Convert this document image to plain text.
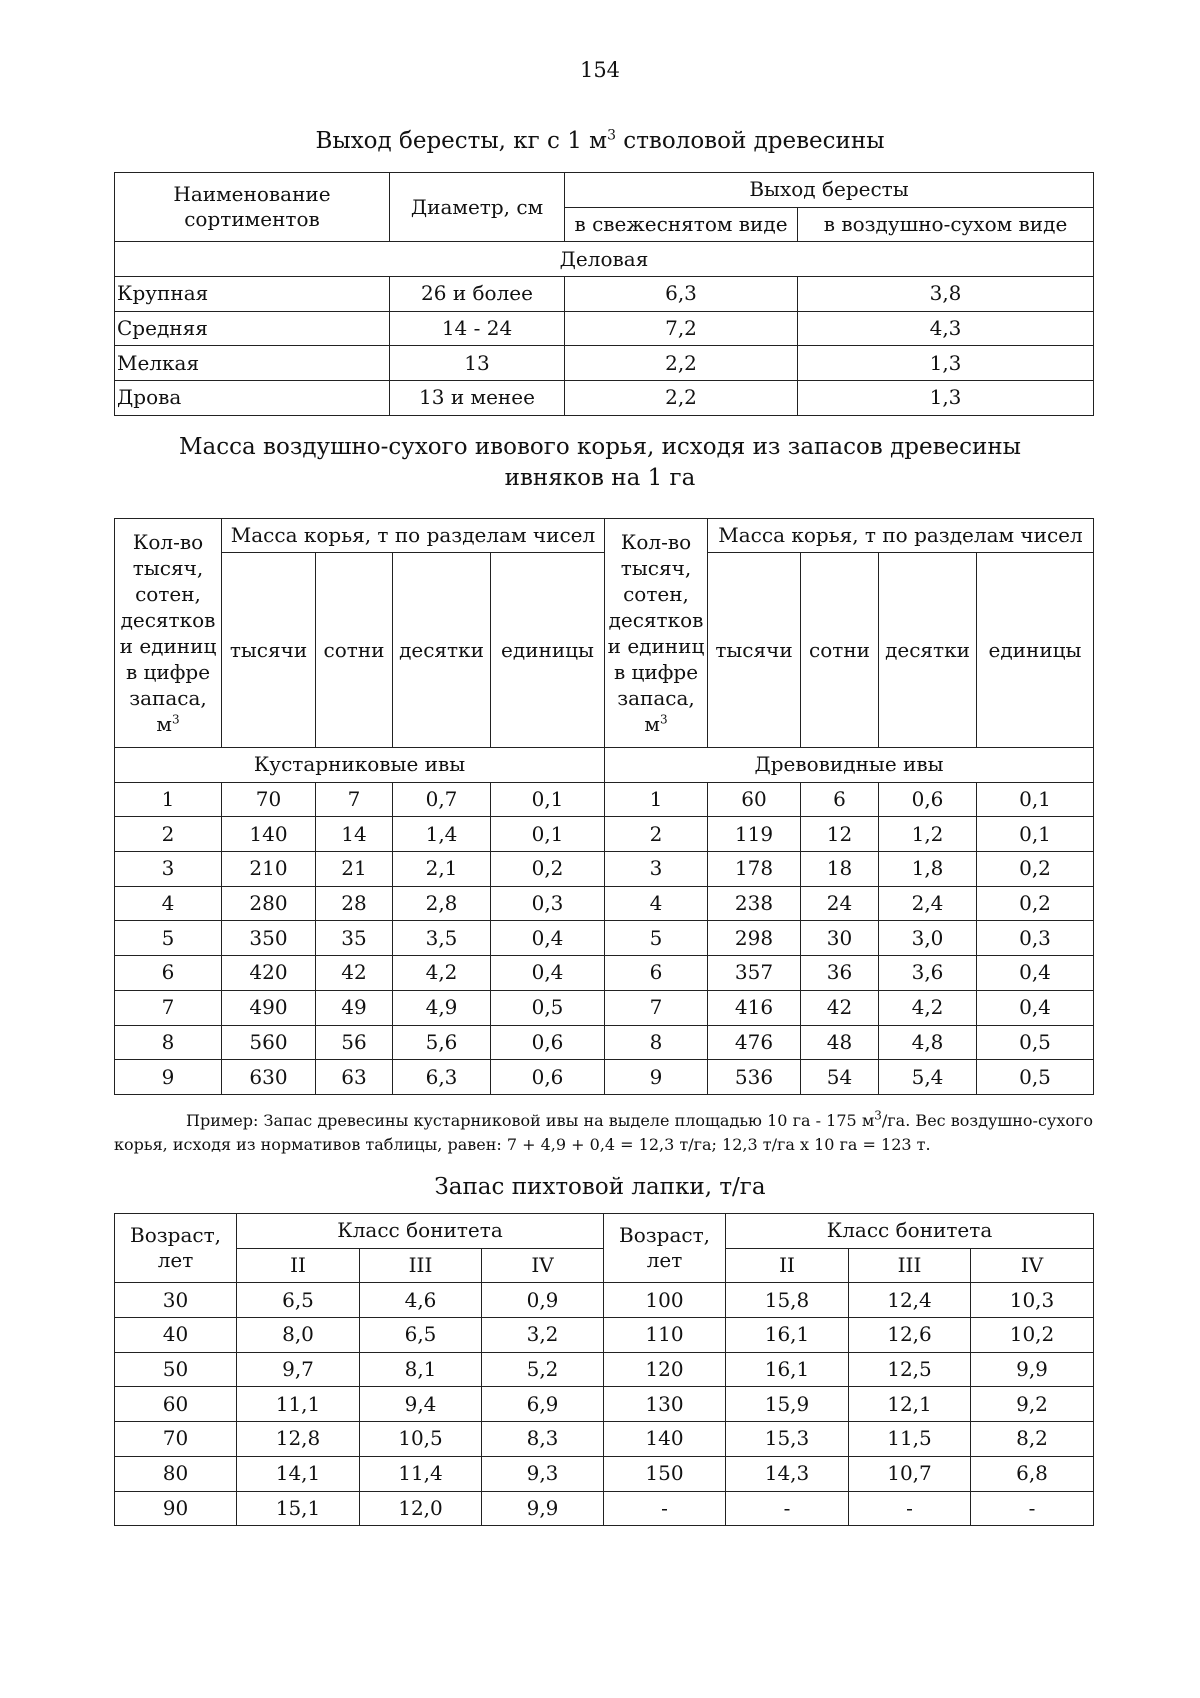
154
Выход бересты, кг с 1 $м^3$ стволовой древесины
Наименование сортиментов	Диаметр, см	Выход бересты	
		в свежеснятом виде	в воздушно-сухом виде
Деловая			
Крупная	26 и более	6,3	3,8
Средняя	14 - 24	7,2	4,3
Мелкая	13	2,2	1,3
Дрова	13 и менее	2,2	1,3
Масса воздушно-сухого ивового корья, исходя из запасов древесины
ивняков на 1 га
Кол-во тысяч, сотен, десятков и единиц в цифре запаса, $м^3$	Масса корья, т по разделам чисел				Кол-во тысяч, сотен, десятков и единиц в цифре запаса, $м^3$	Масса корья, т по разделам чисел			
	тысячи	сотни	десятки	единицы		тысячи	сотни	десятки	единицы
Кустарниковые ивы					Древовидные ивы				
1	70	7	0,7	0,1	1	60	6	0,6	0,1
2	140	14	1,4	0,1	2	119	12	1,2	0,1
3	210	21	2,1	0,2	3	178	18	1,8	0,2
4	280	28	2,8	0,3	4	238	24	2,4	0,2
5	350	35	3,5	0,4	5	298	30	3,0	0,3
6	420	42	4,2	0,4	6	357	36	3,6	0,4
7	490	49	4,9	0,5	7	416	42	4,2	0,4
8	560	56	5,6	0,6	8	476	48	4,8	0,5
9	630	63	6,3	0,6	9	536	54	5,4	0,5
Пример: Запас древесины кустарниковой ивы на выделе площадью 10 га - 175 $м^3/га$. Вес воздушно-сухого корья, исходя из нормативов таблицы, равен: 7 + 4,9 + 0,4 = 12,3 т/га; 12,3 т/га х 10 га = 123 т.
Запас пихтовой лапки, т/га
Возраст, лет	Класс бонитета			Возраст, лет	Класс бонитета		
	II	III	IV		II	III	IV
30	6,5	4,6	0,9	100	15,8	12,4	10,3
40	8,0	6,5	3,2	110	16,1	12,6	10,2
50	9,7	8,1	5,2	120	16,1	12,5	9,9
60	11,1	9,4	6,9	130	15,9	12,1	9,2
70	12,8	10,5	8,3	140	15,3	11,5	8,2
80	14,1	11,4	9,3	150	14,3	10,7	6,8
90	15,1	12,0	9,9	-	-	-	-
